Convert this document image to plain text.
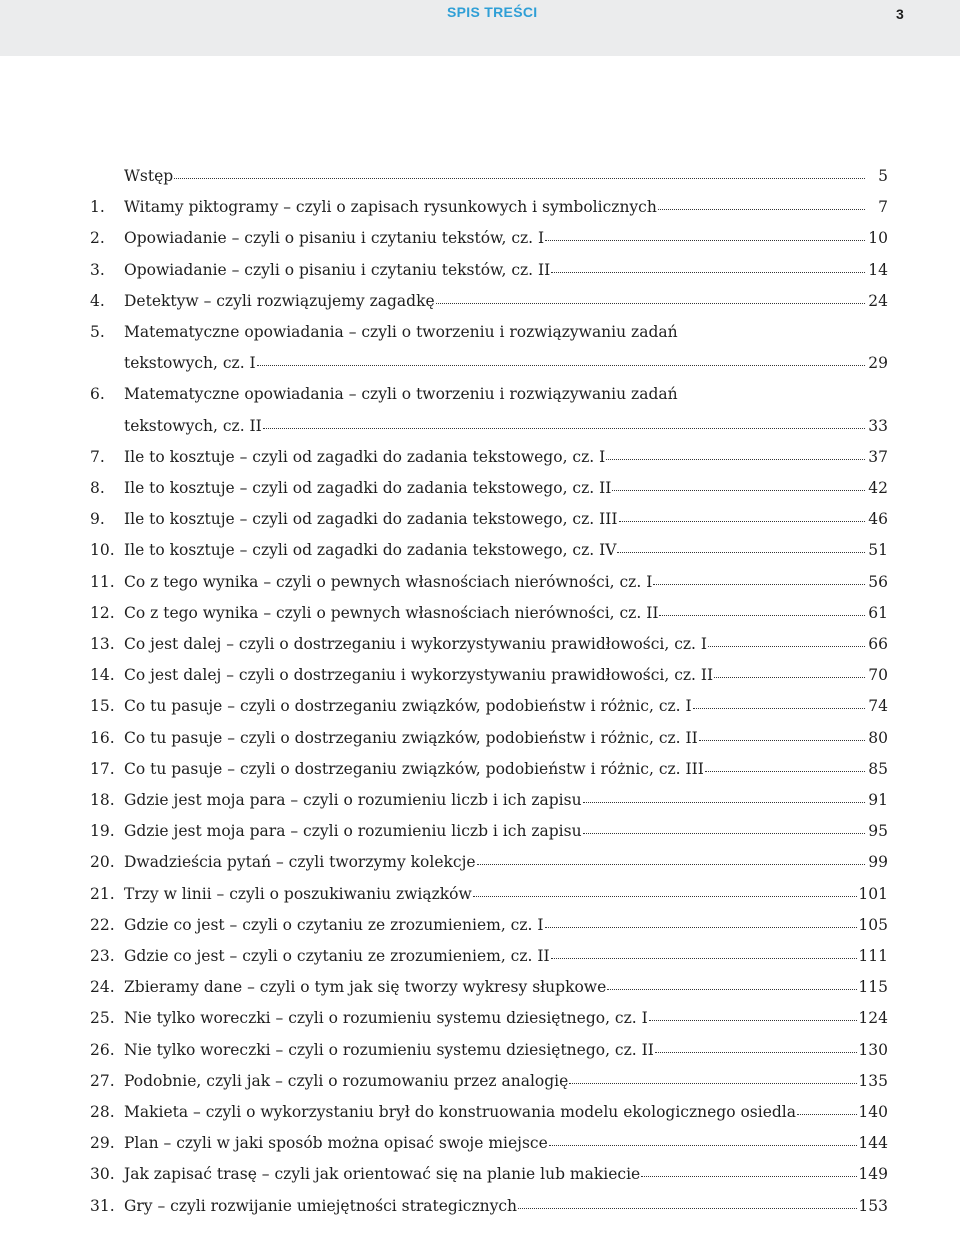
SPIS TREŚCI	3
Wstęp	5
1.	Witamy piktogramy – czyli o zapisach rysunkowych i symbolicznych	7
2.	Opowiadanie – czyli o pisaniu i czytaniu tekstów, cz. I	10
3.	Opowiadanie – czyli o pisaniu i czytaniu tekstów, cz. II	14
4.	Detektyw – czyli rozwiązujemy zagadkę	24
5.	Matematyczne opowiadania – czyli o tworzeniu i rozwiązywaniu zadań
tekstowych, cz. I	29
6.	Matematyczne opowiadania – czyli o tworzeniu i rozwiązywaniu zadań
tekstowych, cz. II	33
7.	Ile to kosztuje – czyli od zagadki do zadania tekstowego, cz. I	37
8.	Ile to kosztuje – czyli od zagadki do zadania tekstowego, cz. II	42
9.	Ile to kosztuje – czyli od zagadki do zadania tekstowego, cz. III	46
10. Ile to kosztuje – czyli od zagadki do zadania tekstowego, cz. IV	51
11. Co z tego wynika – czyli o pewnych własnościach nierówności, cz. I	56
12. Co z tego wynika – czyli o pewnych własnościach nierówności, cz. II	61
13. Co jest dalej – czyli o dostrzeganiu i wykorzystywaniu prawidłowości, cz. I	66
14. Co jest dalej – czyli o dostrzeganiu i wykorzystywaniu prawidłowości, cz. II	70
15. Co tu pasuje – czyli o dostrzeganiu związków, podobieństw i różnic, cz. I	74
16. Co tu pasuje – czyli o dostrzeganiu związków, podobieństw i różnic, cz. II	80
17. Co tu pasuje – czyli o dostrzeganiu związków, podobieństw i różnic, cz. III	85
18. Gdzie jest moja para – czyli o rozumieniu liczb i ich zapisu	91
19. Gdzie jest moja para – czyli o rozumieniu liczb i ich zapisu	95
20. Dwadzieścia pytań – czyli tworzymy kolekcje	99
21. Trzy w linii – czyli o poszukiwaniu związków	101
22. Gdzie co jest – czyli o czytaniu ze zrozumieniem, cz. I	105
23. Gdzie co jest – czyli o czytaniu ze zrozumieniem, cz. II	111
24. Zbieramy dane – czyli o tym jak się tworzy wykresy słupkowe	115
25. Nie tylko woreczki – czyli o rozumieniu systemu dziesiętnego, cz. I	124
26. Nie tylko woreczki – czyli o rozumieniu systemu dziesiętnego, cz. II	130
27. Podobnie, czyli jak – czyli o rozumowaniu przez analogię	135
28. Makieta – czyli o wykorzystaniu brył do konstruowania modelu ekologicznego osiedla	140
29. Plan – czyli w jaki sposób można opisać swoje miejsce	144
30. Jak zapisać trasę – czyli jak orientować się na planie lub makiecie	149
31. Gry – czyli rozwijanie umiejętności strategicznych	153
